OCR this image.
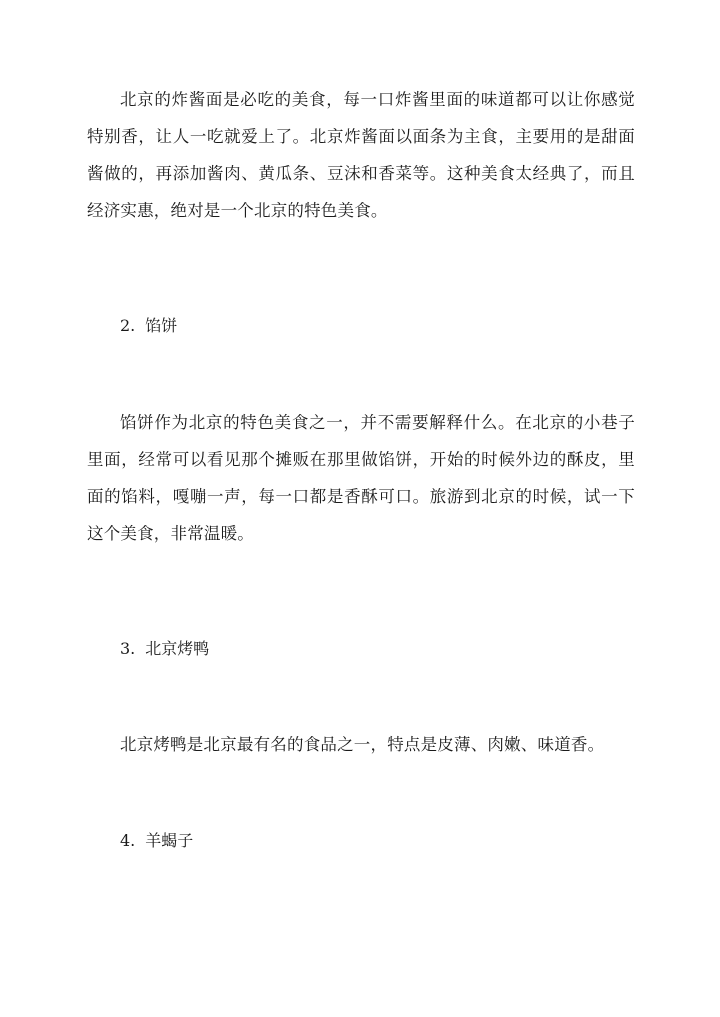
北京的炸酱面是必吃的美食，每一口炸酱里面的味道都可以让你感觉特别香，让人一吃就爱上了。北京炸酱面以面条为主食，主要用的是甜面酱做的，再添加酱肉、黄瓜条、豆沫和香菜等。这种美食太经典了，而且经济实惠，绝对是一个北京的特色美食。

2. 馅饼

馅饼作为北京的特色美食之一，并不需要解释什么。在北京的小巷子里面，经常可以看见那个摊贩在那里做馅饼，开始的时候外边的酥皮，里面的馅料，嘎嘣一声，每一口都是香酥可口。旅游到北京的时候，试一下这个美食，非常温暖。

3. 北京烤鸭

北京烤鸭是北京最有名的食品之一，特点是皮薄、肉嫩、味道香。

4. 羊蝎子
